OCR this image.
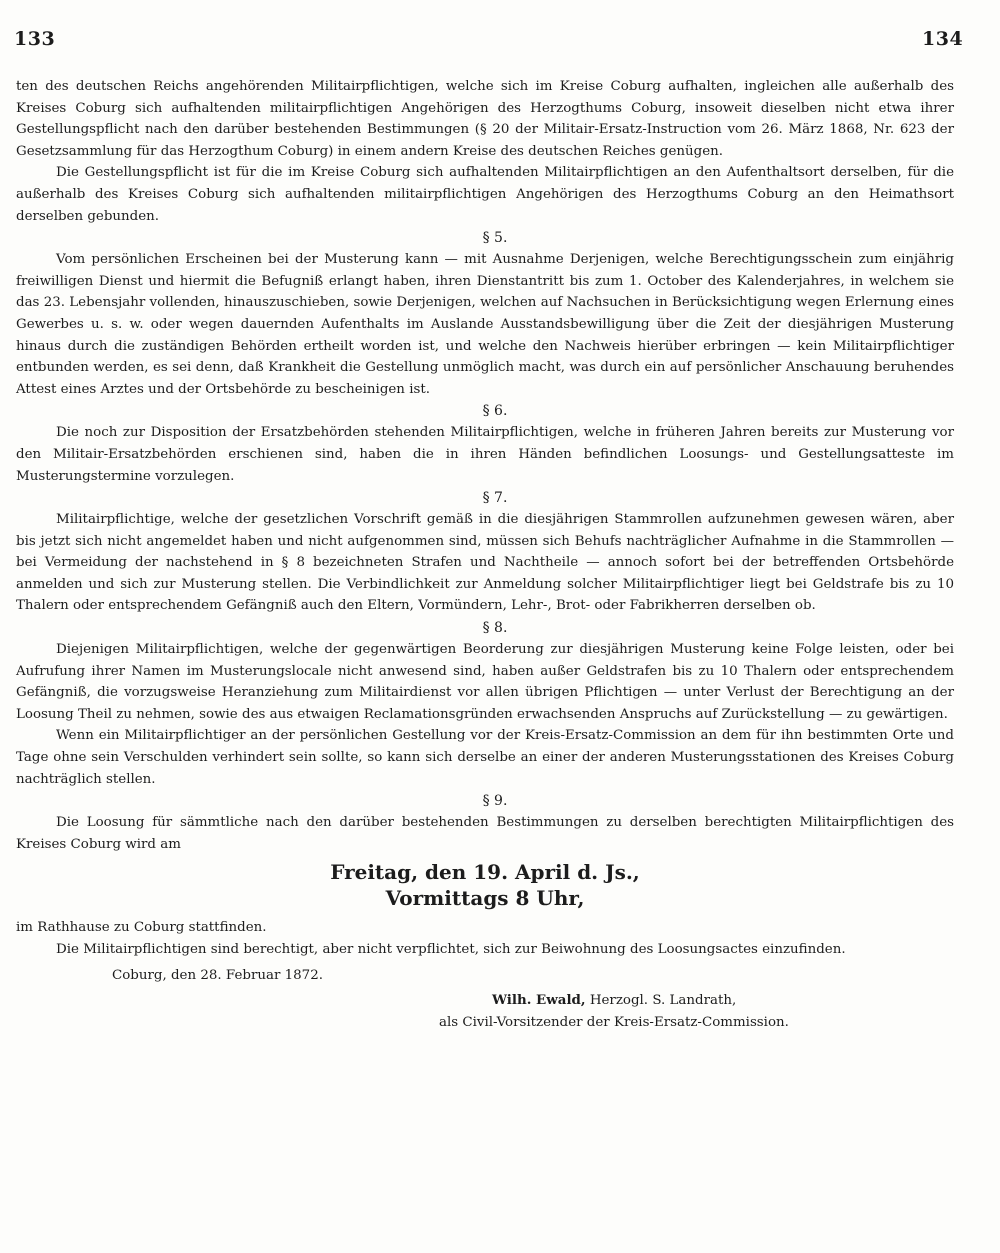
133	134

ten des deutschen Reichs angehörenden Militairpflichtigen, welche sich im Kreise Coburg aufhalten, ingleichen alle außerhalb des Kreises Coburg sich aufhaltenden militairpflichtigen Angehörigen des Herzogthums Coburg, insoweit dieselben nicht etwa ihrer Gestellungspflicht nach den darüber bestehenden Bestimmungen (§ 20 der Militair-Ersatz-Instruction vom 26. März 1868, Nr. 623 der Gesetzsammlung für das Herzogthum Coburg) in einem andern Kreise des deutschen Reiches genügen.

Die Gestellungspflicht ist für die im Kreise Coburg sich aufhaltenden Militairpflichtigen an den Aufenthaltsort derselben, für die außerhalb des Kreises Coburg sich aufhaltenden militairpflichtigen Angehörigen des Herzogthums Coburg an den Heimathsort derselben gebunden.

§ 5.

Vom persönlichen Erscheinen bei der Musterung kann — mit Ausnahme Derjenigen, welche Berechtigungsschein zum einjährig freiwilligen Dienst und hiermit die Befugniß erlangt haben, ihren Dienstantritt bis zum 1. October des Kalenderjahres, in welchem sie das 23. Lebensjahr vollenden, hinauszuschieben, sowie Derjenigen, welchen auf Nachsuchen in Berücksichtigung wegen Erlernung eines Gewerbes u. s. w. oder wegen dauernden Aufenthalts im Auslande Ausstandsbewilligung über die Zeit der diesjährigen Musterung hinaus durch die zuständigen Behörden ertheilt worden ist, und welche den Nachweis hierüber erbringen — kein Militairpflichtiger entbunden werden, es sei denn, daß Krankheit die Gestellung unmöglich macht, was durch ein auf persönlicher Anschauung beruhendes Attest eines Arztes und der Ortsbehörde zu bescheinigen ist.

§ 6.

Die noch zur Disposition der Ersatzbehörden stehenden Militairpflichtigen, welche in früheren Jahren bereits zur Musterung vor den Militair-Ersatzbehörden erschienen sind, haben die in ihren Händen befindlichen Loosungs- und Gestellungsatteste im Musterungstermine vorzulegen.

§ 7.

Militairpflichtige, welche der gesetzlichen Vorschrift gemäß in die diesjährigen Stammrollen aufzunehmen gewesen wären, aber bis jetzt sich nicht angemeldet haben und nicht aufgenommen sind, müssen sich Behufs nachträglicher Aufnahme in die Stammrollen — bei Vermeidung der nachstehend in § 8 bezeichneten Strafen und Nachtheile — annoch sofort bei der betreffenden Ortsbehörde anmelden und sich zur Musterung stellen. Die Verbindlichkeit zur Anmeldung solcher Militairpflichtiger liegt bei Geldstrafe bis zu 10 Thalern oder entsprechendem Gefängniß auch den Eltern, Vormündern, Lehr-, Brot- oder Fabrikherren derselben ob.

§ 8.

Diejenigen Militairpflichtigen, welche der gegenwärtigen Beorderung zur diesjährigen Musterung keine Folge leisten, oder bei Aufrufung ihrer Namen im Musterungslocale nicht anwesend sind, haben außer Geldstrafen bis zu 10 Thalern oder entsprechendem Gefängniß, die vorzugsweise Heranziehung zum Militairdienst vor allen übrigen Pflichtigen — unter Verlust der Berechtigung an der Loosung Theil zu nehmen, sowie des aus etwaigen Reclamationsgründen erwachsenden Anspruchs auf Zurückstellung — zu gewärtigen.

Wenn ein Militairpflichtiger an der persönlichen Gestellung vor der Kreis-Ersatz-Commission an dem für ihn bestimmten Orte und Tage ohne sein Verschulden verhindert sein sollte, so kann sich derselbe an einer der anderen Musterungsstationen des Kreises Coburg nachträglich stellen.

§ 9.

Die Loosung für sämmtliche nach den darüber bestehenden Bestimmungen zu derselben berechtigten Militairpflichtigen des Kreises Coburg wird am

Freitag, den 19. April d. Js.,
Vormittags 8 Uhr,

im Rathhause zu Coburg stattfinden.

Die Militairpflichtigen sind berechtigt, aber nicht verpflichtet, sich zur Beiwohnung des Loosungsactes einzufinden.

Coburg, den 28. Februar 1872.
Wilh. Ewald, Herzogl. S. Landrath,
als Civil-Vorsitzender der Kreis-Ersatz-Commission.
